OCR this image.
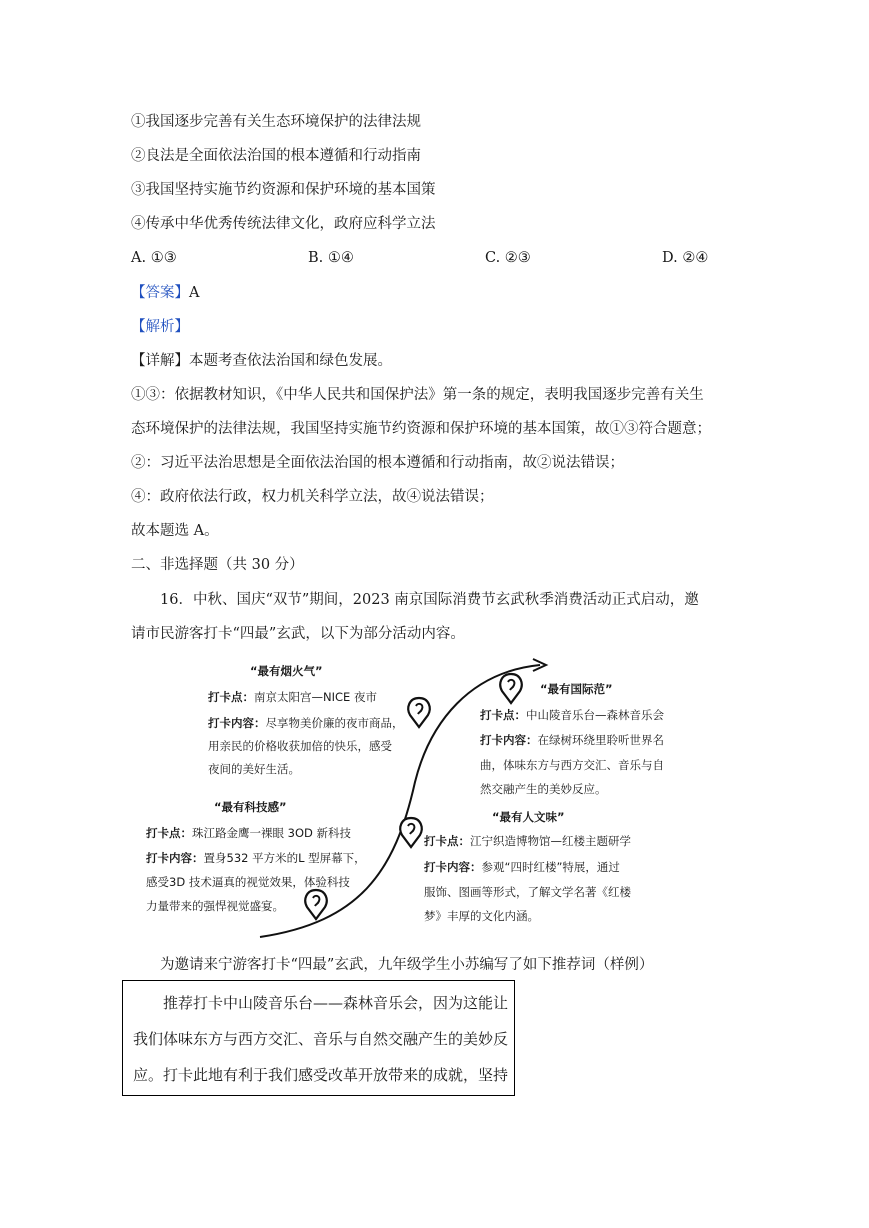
①我国逐步完善有关生态环境保护的法律法规
②良法是全面依法治国的根本遵循和行动指南
③我国坚持实施节约资源和保护环境的基本国策
④传承中华优秀传统法律文化，政府应科学立法
A. ①③	B. ①④	C. ②③	D. ②④
【答案】A
【解析】
【详解】本题考查依法治国和绿色发展。
①③：依据教材知识，《中华人民共和国保护法》第一条的规定，表明我国逐步完善有关生
态环境保护的法律法规，我国坚持实施节约资源和保护环境的基本国策，故①③符合题意；
②：习近平法治思想是全面依法治国的根本遵循和行动指南，故②说法错误；
④：政府依法行政，权力机关科学立法，故④说法错误；
故本题选 A。
二、非选择题（共 30 分）
16．中秋、国庆“双节”期间，2023 南京国际消费节玄武秋季消费活动正式启动，邀
请市民游客打卡“四最”玄武，以下为部分活动内容。
“最有烟火气”
打卡点：南京太阳宫—NICE 夜市
打卡内容：尽享物美价廉的夜市商品，
用亲民的价格收获加倍的快乐，感受
夜间的美好生活。
“最有国际范”
打卡点：中山陵音乐台—森林音乐会
打卡内容：在绿树环绕里聆听世界名
曲，体味东方与西方交汇、音乐与自
然交融产生的美妙反应。
“最有科技感”
打卡点：珠江路金鹰一裸眼 3OD 新科技
打卡内容：置身532 平方米的L 型屏幕下，
感受3D 技术逼真的视觉效果，体验科技
力量带来的强悍视觉盛宴。
“最有人文味”
打卡点：江宁织造博物馆—红楼主题研学
打卡内容：参观“四时红楼”特展，通过
服饰、图画等形式，了解文学名著《红楼
梦》丰厚的文化内涵。
为邀请来宁游客打卡“四最”玄武，九年级学生小苏编写了如下推荐词（样例）
推荐打卡中山陵音乐台——森林音乐会，因为这能让
我们体味东方与西方交汇、音乐与自然交融产生的美妙反
应。打卡此地有利于我们感受改革开放带来的成就，坚持
